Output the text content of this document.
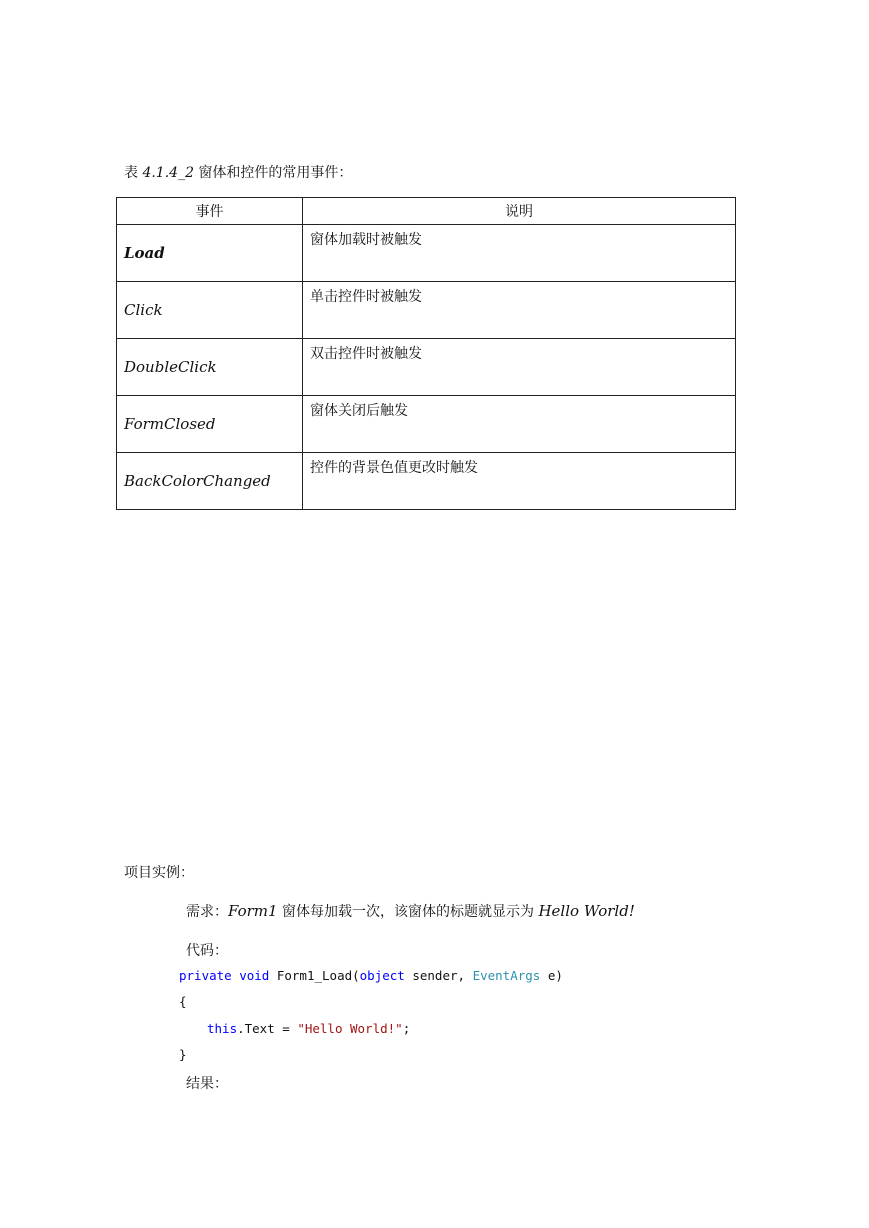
表 4.1.4_2 窗体和控件的常用事件：
事件	说明
Load	窗体加载时被触发
Click	单击控件时被触发
DoubleClick	双击控件时被触发
FormClosed	窗体关闭后触发
BackColorChanged	控件的背景色值更改时触发
项目实例：
需求：Form1 窗体每加载一次，该窗体的标题就显示为 Hello World!
代码：
private void Form1_Load(object sender, EventArgs e)
{
this.Text = "Hello World!";
}
结果：
